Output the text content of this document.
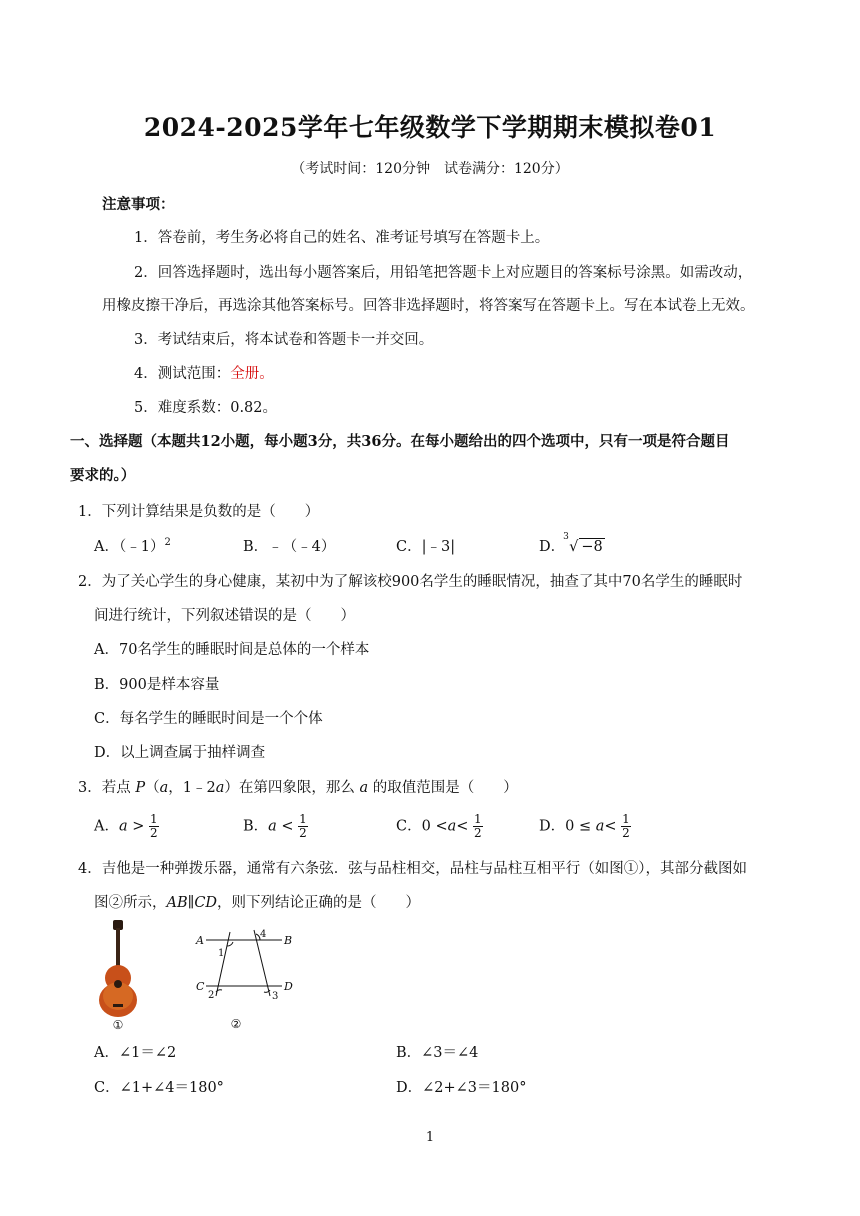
2024-2025学年七年级数学下学期期末模拟卷01
（考试时间：120分钟　试卷满分：120分）
注意事项：
1．答卷前，考生务必将自己的姓名、准考证号填写在答题卡上。
2．回答选择题时，选出每小题答案后，用铅笔把答题卡上对应题目的答案标号涂黑。如需改动，
用橡皮擦干净后，再选涂其他答案标号。回答非选择题时，将答案写在答题卡上。写在本试卷上无效。
3．考试结束后，将本试卷和答题卡一并交回。
4．测试范围：全册。
5．难度系数：0.82。
一、选择题（本题共12小题，每小题3分，共36分。在每小题给出的四个选项中，只有一项是符合题目
要求的。）
1．下列计算结果是负数的是（　　）
A．（﹣1）$^2$	B．﹣（﹣4）	C．|﹣3|	D．
3
√ −8
2．为了关心学生的身心健康，某初中为了解该校900名学生的睡眠情况，抽查了其中70名学生的睡眠时
间进行统计，下列叙述错误的是（　　）
A．70名学生的睡眠时间是总体的一个样本
B．900是样本容量
C．每名学生的睡眠时间是一个个体
D．以上调查属于抽样调查
3．若点 P（a，1﹣2a）在第四象限，那么 a 的取值范围是（　　）
A．$a > \frac{1}{2}$	B．$a < \frac{1}{2}$	C．$0 <a< \frac{1}{2}$	D．$0 \le a< \frac{1}{2}$
4．吉他是一种弹拨乐器，通常有六条弦．弦与品柱相交，品柱与品柱互相平行（如图①），其部分截图如
图②所示，AB∥CD，则下列结论正确的是（　　）
①
A	B
C	D
1
4
2	3
②
A．∠1＝∠2	B．∠3＝∠4
C．∠1+∠4＝180°	D．∠2+∠3＝180°
1
